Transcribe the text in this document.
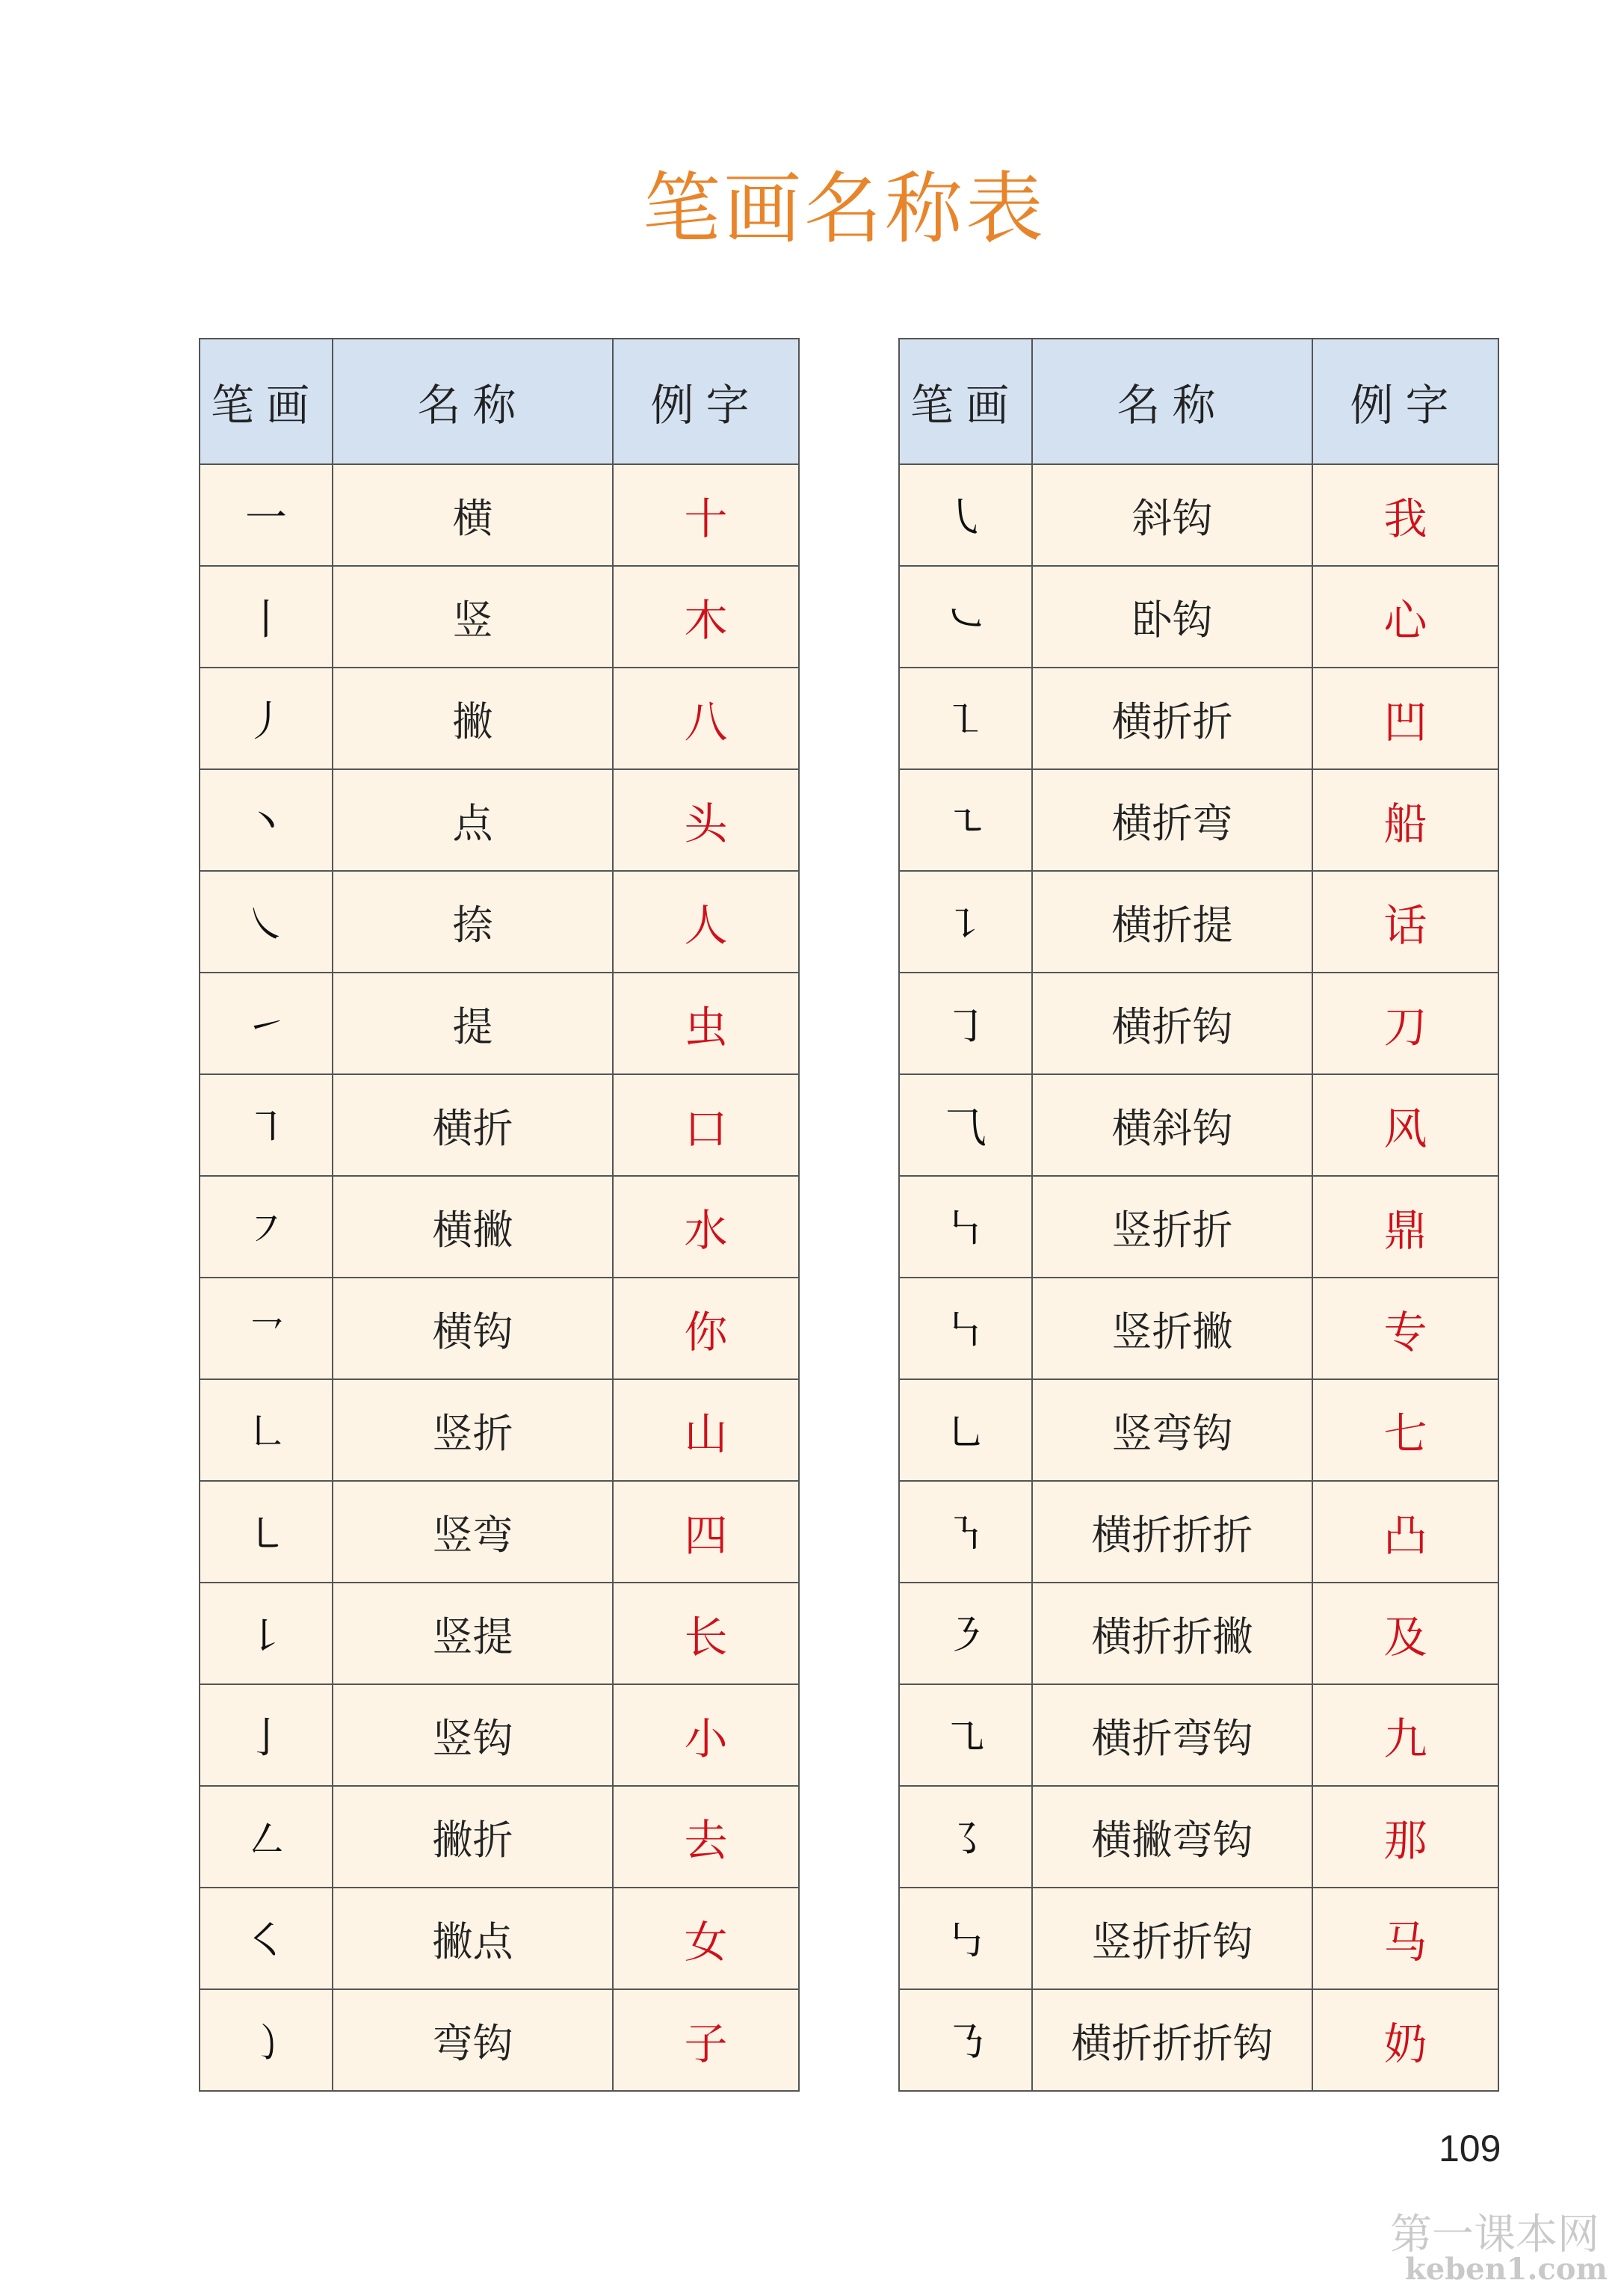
笔画名称表
笔画	名称	例字
一	横	十
丨	竖	木
丿	撇	八
丶	点	头
㇏	捺	人
㇀	提	虫
㇕	横折	口
㇇	横撇	水
㇖	横钩	你
㇗	竖折	山
㇄	竖弯	四
㇙	竖提	长
亅	竖钩	小
㇜	撇折	去
㇛	撇点	女
㇁	弯钩	子
笔画	名称	例字
㇂	斜钩	我
㇃	卧钩	心
㇅	横折折	凹
㇍	横折弯	船
㇊	横折提	话
㇆	横折钩	刀
⺄	横斜钩	风
㇞	竖折折	鼎
㇞	竖折撇	专
㇟	竖弯钩	七
㇎	横折折折	凸
㇋	横折折撇	及
㇈	横折弯钩	九
㇌	横撇弯钩	那
㇉	竖折折钩	马
㇡	横折折折钩	奶
109
第一课本网
keben1.com
